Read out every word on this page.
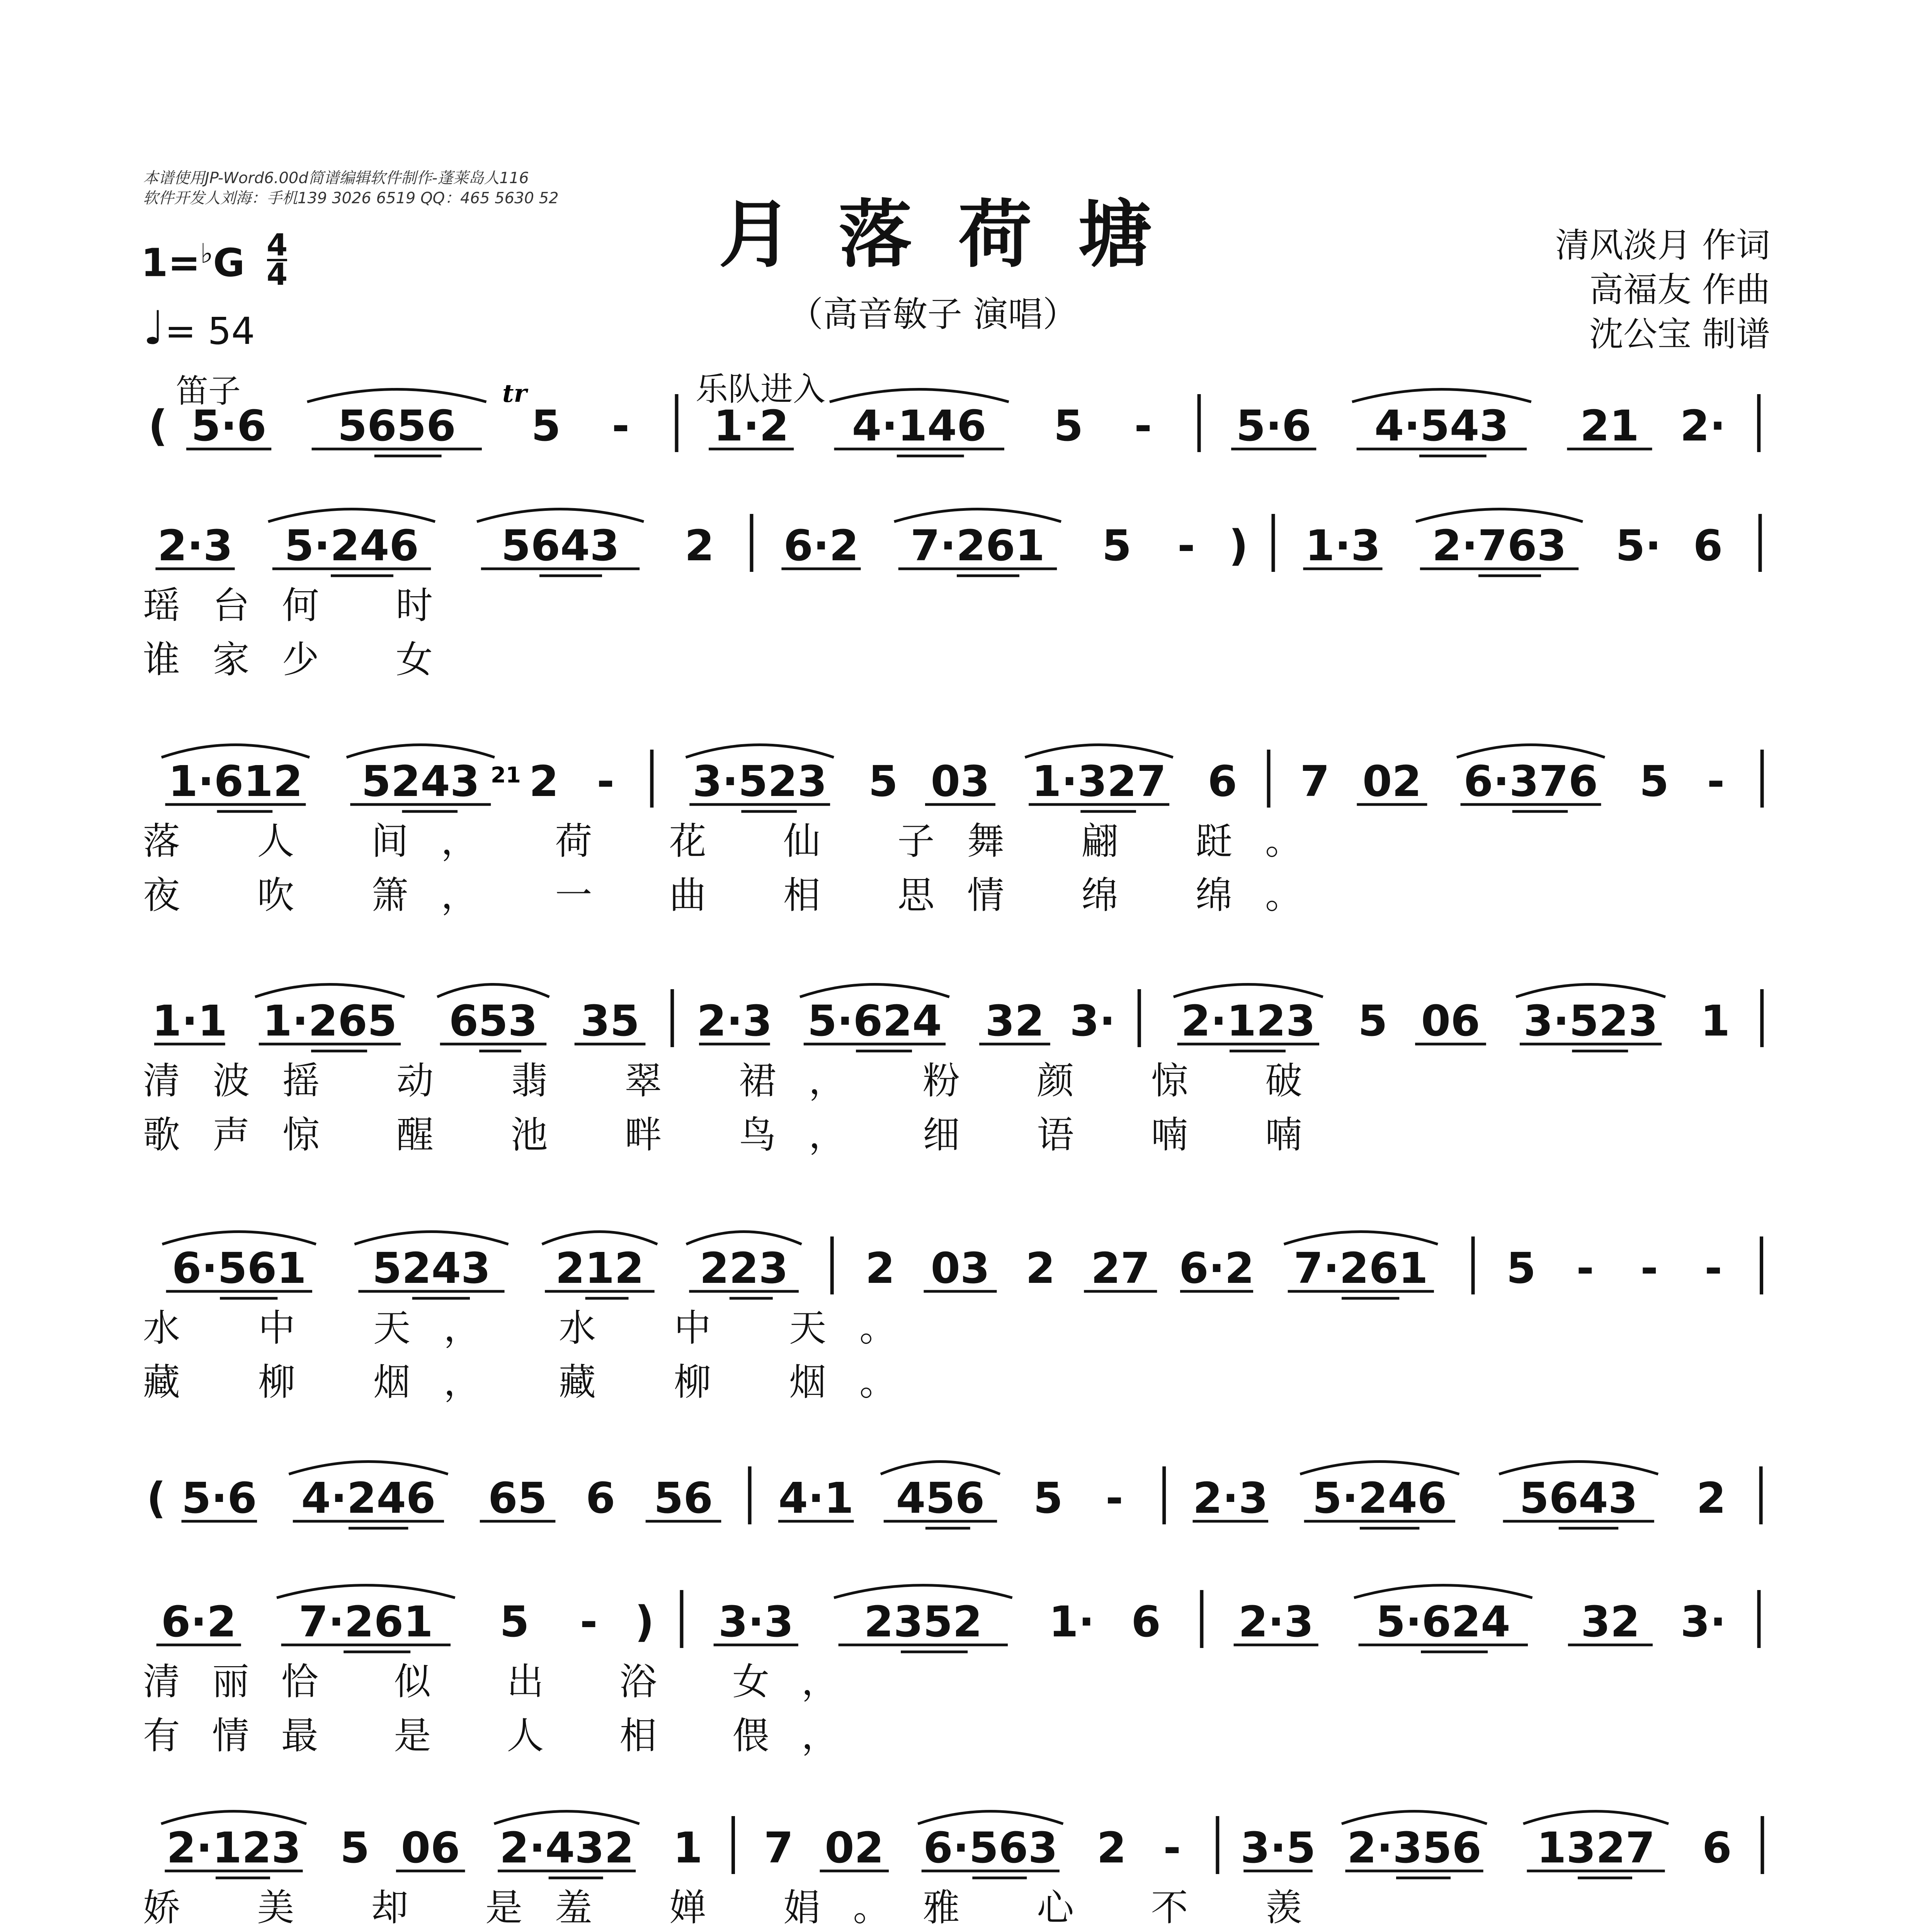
本谱使用JP-Word6.00d简谱编辑软件制作-蓬莱岛人116
软件开发人刘海：手机139 3026 6519 QQ：465 5630 52 月落荷塘
（高音敏子 演唱）
清风淡月 作词
高福友 作曲
沈公宝 制谱
1=♭G 4
4
♩= 54
笛子	乐队进入
tr
21
( 5·6 5656 5 - 1·2 4·146 5 - 5·6 4·543 21 2·
2·3 5·246 5643 2 6·2 7·261 5 - ) 1·3 2·763 5· 6
瑶台何 时
谁家少 女
1·612 5243 2 - 3·523 5 03 1·327 6 7 02 6·376 5 -
落 人 间， 荷 花 仙 子舞 翩 跹。
夜 吹 箫， 一 曲 相 思情 绵 绵。
1·1 1·265 653 35 2·3 5·624 32 3· 2·123 5 06 3·523 1
清波摇 动 翡 翠 裙， 粉 颜 惊 破
歌声惊 醒 池 畔 鸟， 细 语 喃 喃
6·561 5243 212 223 2 03 2 27 6·2 7·261 5 - - -
水 中 天， 水 中 天。
藏 柳 烟， 藏 柳 烟。
( 5·6 4·246 65 6 56 4·1 456 5 - 2·3 5·246 5643 2
6·2 7·261 5 - ) 3·3 2352 1· 6 2·3 5·624 32 3·
清丽恰 似 出 浴 女，
有情最 是 人 相 偎，
2·123 5 06 2·432 1 7 02 6·563 2 - 3·5 2·356 1327 6
娇 美 却 是羞 婵 娟。雅 心 不 羡
